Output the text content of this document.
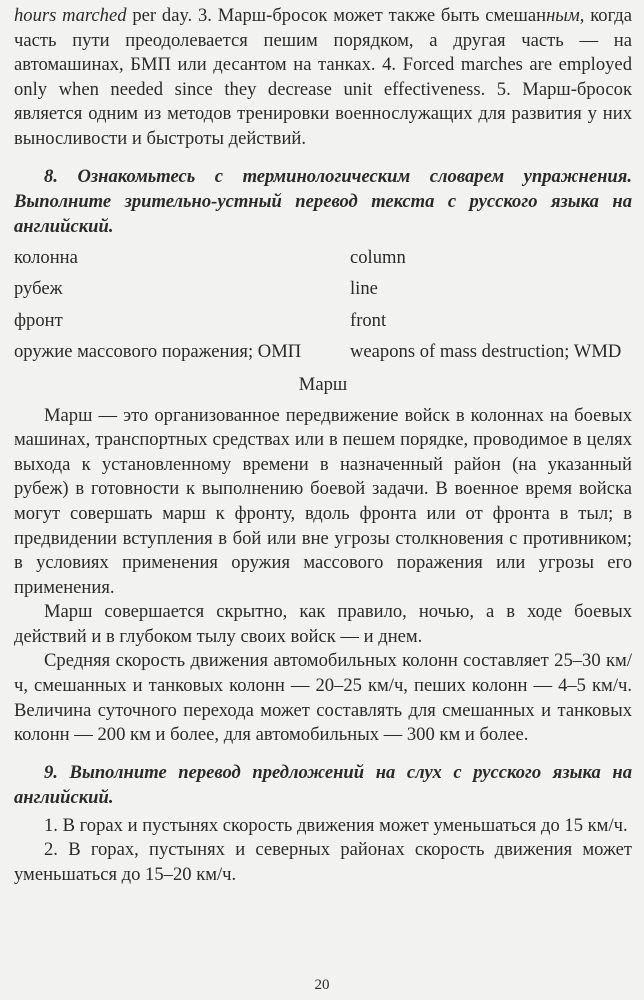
hours marched per day. 3. Марш-бросок может также быть смешанным, когда часть пути преодолевается пешим порядком, а другая часть — на автомашинах, БМП или десантом на танках. 4. Forced marches are employed only when needed since they decrease unit effectiveness. 5. Марш-бросок является одним из методов тренировки военнослужащих для развития у них выносливости и быстроты действий.

8. Ознакомьтесь с терминологическим словарем упражнения. Выполните зрительно-устный перевод текста с русского языка на английский.

колонна	column
рубеж	line
фронт	front
оружие массового поражения; ОМП	weapons of mass destruction; WMD
Марш

Марш — это организованное передвижение войск в колоннах на боевых машинах, транспортных средствах или в пешем порядке, проводимое в целях выхода к установленному времени в назначенный район (на указанный рубеж) в готовности к выполнению боевой задачи. В военное время войска могут совершать марш к фронту, вдоль фронта или от фронта в тыл; в предвидении вступления в бой или вне угрозы столкновения с противником; в условиях применения оружия массового поражения или угрозы его применения.

Марш совершается скрытно, как правило, ночью, а в ходе боевых действий и в глубоком тылу своих войск — и днем.

Средняя скорость движения автомобильных колонн составляет 25–30 км/ч, смешанных и танковых колонн — 20–25 км/ч, пеших колонн — 4–5 км/ч. Величина суточного перехода может составлять для смешанных и танковых колонн — 200 км и более, для автомобильных — 300 км и более.

9. Выполните перевод предложений на слух с русского языка на английский.

1. В горах и пустынях скорость движения может уменьшаться до 15 км/ч.

2. В горах, пустынях и северных районах скорость движения может уменьшаться до 15–20 км/ч.

20
